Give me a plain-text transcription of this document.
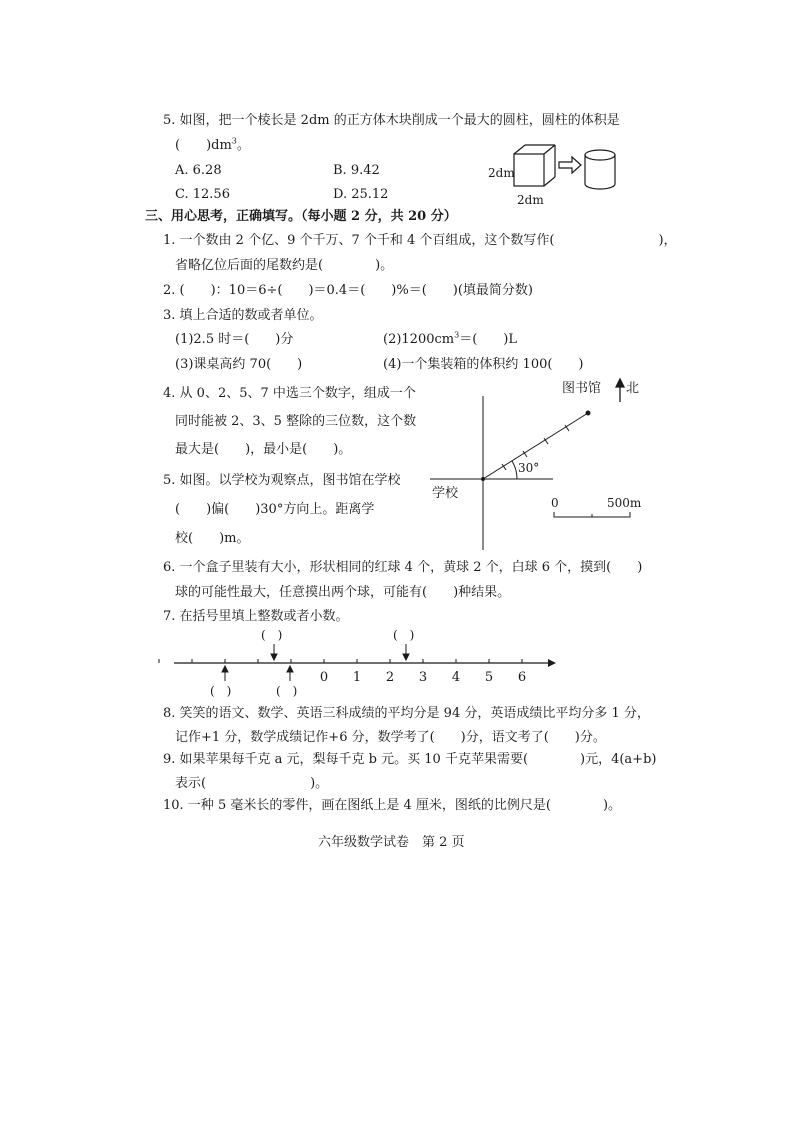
5. 如图，把一个棱长是 2dm 的正方体木块削成一个最大的圆柱，圆柱的体积是
(　　)$dm^3$。
A. 6.28	B. 9.42
C. 12.56	D. 25.12
2dm
2dm
三、用心思考，正确填写。（每小题 2 分，共 20 分）
1. 一个数由 2 个亿、9 个千万、7 个千和 4 个百组成，这个数写作(　　　　　　　　)，
省略亿位后面的尾数约是(　　　　)。
2. (　　)：10＝6÷(　　)＝0.4＝(　　)%＝(　　)(填最简分数)
3. 填上合适的数或者单位。
(1)2.5 时＝(　　)分	$(2)1200cm^3=$(　　)L
(3)课桌高约 70(　　)	(4)一个集装箱的体积约 100(　　)
4. 从 0、2、5、7 中选三个数字，组成一个
同时能被 2、3、5 整除的三位数，这个数
最大是(　　)，最小是(　　)。
5. 如图。以学校为观察点，图书馆在学校
(　　)偏(　　)30°方向上。距离学
校(　　)m。
图书馆 北
30°
学校
0	500m
6. 一个盒子里装有大小，形状相同的红球 4 个，黄球 2 个，白球 6 个，摸到(　　)
球的可能性最大，任意摸出两个球，可能有(　　)种结果。
7. 在括号里填上整数或者小数。
0 1 2 3 4 5 6
(　)	(　)
(　)	(　)
8. 笑笑的语文、数学、英语三科成绩的平均分是 94 分，英语成绩比平均分多 1 分，
记作+1 分，数学成绩记作+6 分，数学考了(　　)分，语文考了(　　)分。
9. 如果苹果每千克 a 元，梨每千克 b 元。买 10 千克苹果需要(　　　　)元，4(a+b)
表示(　　　　　　　　)。
10. 一种 5 毫米长的零件，画在图纸上是 4 厘米，图纸的比例尺是(　　　　)。
六年级数学试卷　第 2 页
